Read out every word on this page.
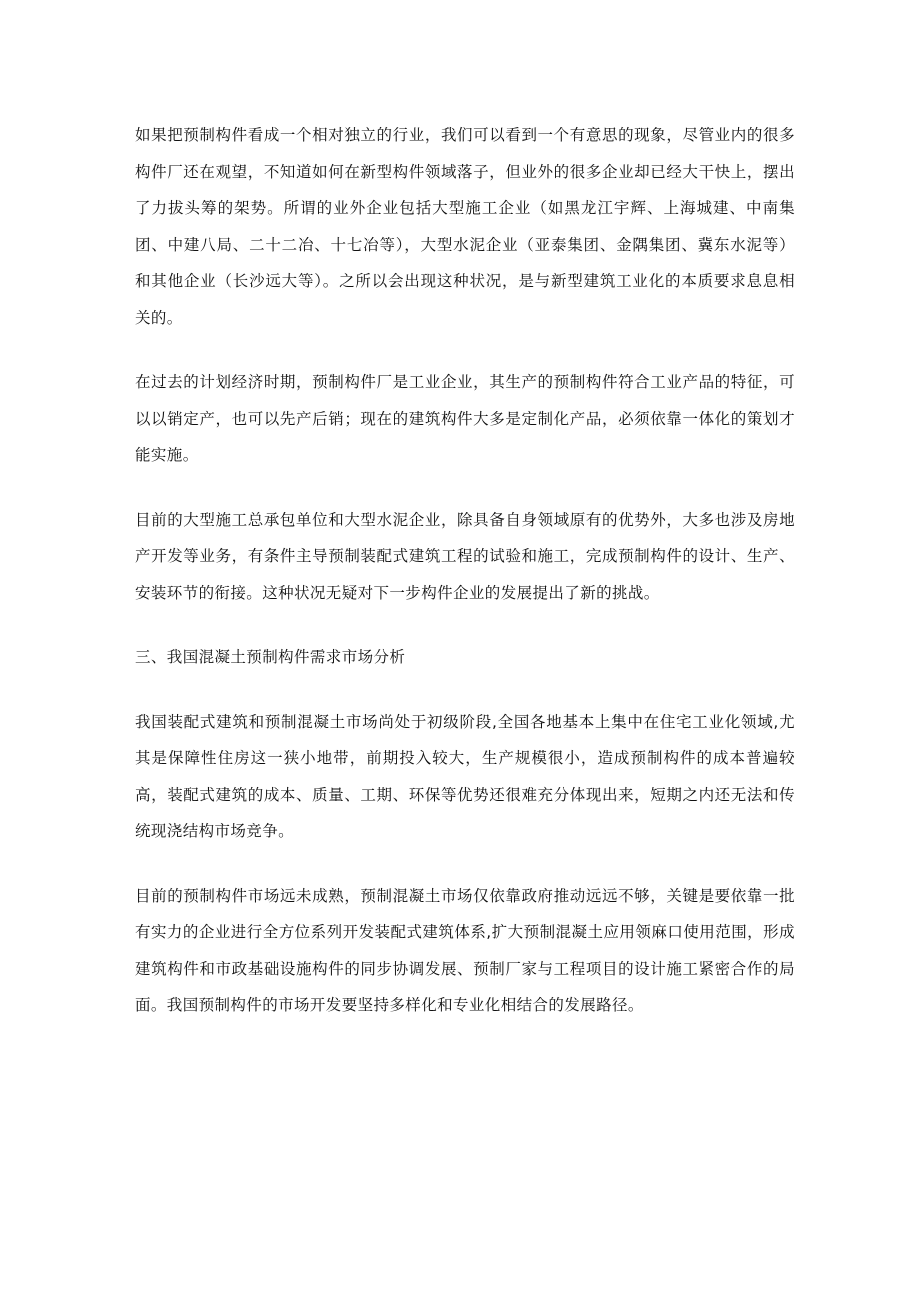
如果把预制构件看成一个相对独立的行业，我们可以看到一个有意思的现象，尽管业内的很多构件厂还在观望，不知道如何在新型构件领域落子，但业外的很多企业却已经大干快上，摆出了力拔头筹的架势。所谓的业外企业包括大型施工企业（如黑龙江宇辉、上海城建、中南集团、中建八局、二十二冶、十七冶等），大型水泥企业（亚泰集团、金隅集团、冀东水泥等）和其他企业（长沙远大等）。之所以会出现这种状况，是与新型建筑工业化的本质要求息息相关的。

在过去的计划经济时期，预制构件厂是工业企业，其生产的预制构件符合工业产品的特征，可以以销定产，也可以先产后销；现在的建筑构件大多是定制化产品，必须依靠一体化的策划才能实施。

目前的大型施工总承包单位和大型水泥企业，除具备自身领域原有的优势外，大多也涉及房地产开发等业务，有条件主导预制装配式建筑工程的试验和施工，完成预制构件的设计、生产、安装环节的衔接。这种状况无疑对下一步构件企业的发展提出了新的挑战。

三、我国混凝土预制构件需求市场分析

我国装配式建筑和预制混凝土市场尚处于初级阶段,全国各地基本上集中在住宅工业化领域,尤其是保障性住房这一狭小地带，前期投入较大，生产规模很小，造成预制构件的成本普遍较高，装配式建筑的成本、质量、工期、环保等优势还很难充分体现出来，短期之内还无法和传统现浇结构市场竞争。

目前的预制构件市场远未成熟，预制混凝土市场仅依靠政府推动远远不够，关键是要依靠一批有实力的企业进行全方位系列开发装配式建筑体系,扩大预制混凝土应用领麻口使用范围，形成建筑构件和市政基础设施构件的同步协调发展、预制厂家与工程项目的设计施工紧密合作的局面。我国预制构件的市场开发要坚持多样化和专业化相结合的发展路径。
